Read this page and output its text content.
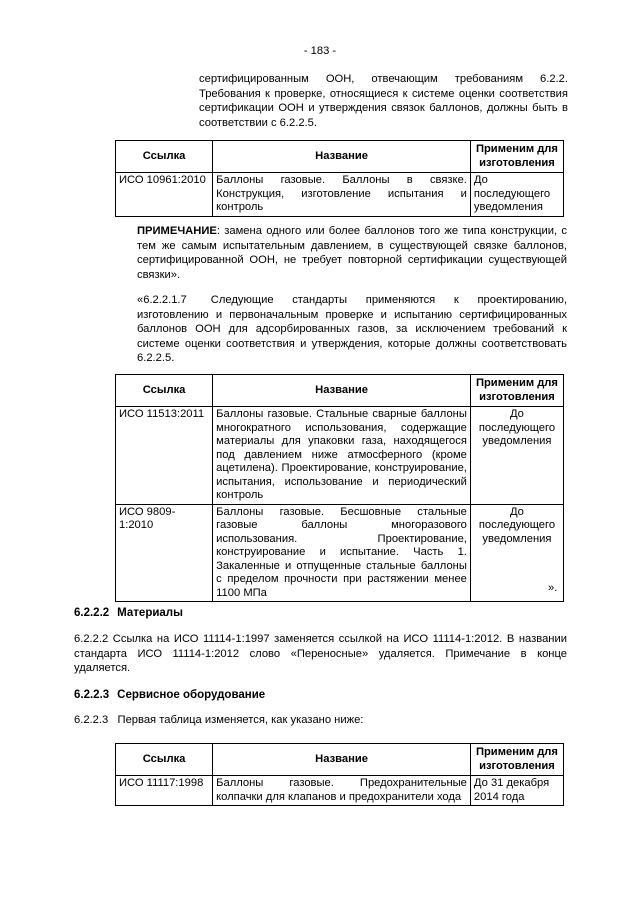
- 183 -
сертифицированным ООН, отвечающим требованиям 6.2.2. Требования к проверке, относящиеся к системе оценки соответствия сертификации ООН и утверждения связок баллонов, должны быть в соответствии с 6.2.2.5.
Ссылка	Название	Применим для изготовления
ИСО 10961:2010	Баллоны газовые. Баллоны в связке. Конструкция, изготовление испытания и контроль	До последующего уведомления
ПРИМЕЧАНИЕ: замена одного или более баллонов того же типа конструкции, с тем же самым испытательным давлением, в существующей связке баллонов, сертифицированной ООН, не требует повторной сертификации существующей связки».
«6.2.2.1.7 Следующие стандарты применяются к проектированию, изготовлению и первоначальным проверке и испытанию сертифицированных баллонов ООН для адсорбированных газов, за исключением требований к системе оценки соответствия и утверждения, которые должны соответствовать 6.2.2.5.
Ссылка	Название	Применим для изготовления
ИСО 11513:2011	Баллоны газовые. Стальные сварные баллоны многократного использования, содержащие материалы для упаковки газа, находящегося под давлением ниже атмосферного (кроме ацетилена). Проектирование, конструирование, испытания, использование и периодический контроль	До последующего уведомления
ИСО 9809-1:2010	Баллоны газовые. Бесшовные стальные газовые баллоны многоразового использования. Проектирование, конструирование и испытание. Часть 1. Закаленные и отпущенные стальные баллоны с пределом прочности при растяжении менее 1100 МПа	До последующего уведомления
».
6.2.2.2 Материалы
6.2.2.2 Ссылка на ИСО 11114-1:1997 заменяется ссылкой на ИСО 11114-1:2012. В названии стандарта ИСО 11114-1:2012 слово «Переносные» удаляется. Примечание в конце удаляется.
6.2.2.3 Сервисное оборудование
6.2.2.3   Первая таблица изменяется, как указано ниже:
Ссылка	Название	Применим для изготовления
ИСО 11117:1998	Баллоны газовые. Предохранительные колпачки для клапанов и предохранители хода	До 31 декабря 2014 года
